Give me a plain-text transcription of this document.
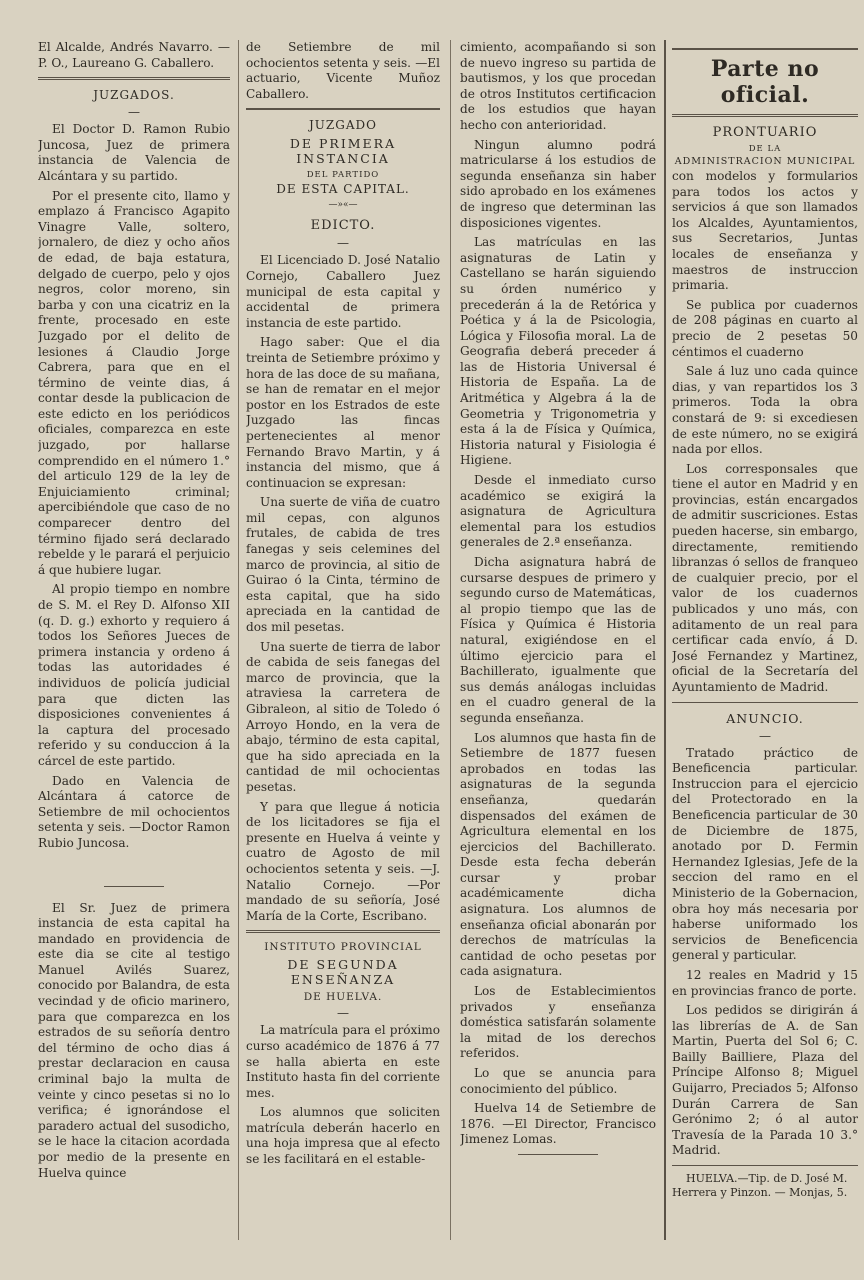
El Alcalde, Andrés Navarro. —P. O., Laureano G. Caballero.

JUZGADOS.
—

El Doctor D. Ramon Rubio Juncosa, Juez de primera instancia de Valencia de Alcántara y su partido.

Por el presente cito, llamo y emplazo á Francisco Agapito Vinagre Valle, soltero, jornalero, de diez y ocho años de edad, de baja estatura, delgado de cuerpo, pelo y ojos negros, color moreno, sin barba y con una cicatriz en la frente, procesado en este Juzgado por el delito de lesiones á Claudio Jorge Cabrera, para que en el término de veinte dias, á contar desde la publicacion de este edicto en los periódicos oficiales, comparezca en este juzgado, por hallarse comprendido en el número 1.° del articulo 129 de la ley de Enjuiciamiento criminal; apercibiéndole que caso de no comparecer dentro del término fijado será declarado rebelde y le parará el perjuicio á que hubiere lugar.

Al propio tiempo en nombre de S. M. el Rey D. Alfonso XII (q. D. g.) exhorto y requiero á todos los Señores Jueces de primera instancia y ordeno á todas las autoridades é individuos de policía judicial para que dicten las disposiciones convenientes á la captura del procesado referido y su conduccion á la cárcel de este partido.

Dado en Valencia de Alcántara á catorce de Setiembre de mil ochocientos setenta y seis. —Doctor Ramon Rubio Juncosa.

El Sr. Juez de primera instancia de esta capital ha mandado en providencia de este dia se cite al testigo Manuel Avilés Suarez, conocido por Balandra, de esta vecindad y de oficio marinero, para que comparezca en los estrados de su señoría dentro del término de ocho dias á prestar declaracion en causa criminal bajo la multa de veinte y cinco pesetas si no lo verifica; é ignorándose el paradero actual del susodicho, se le hace la citacion acordada por medio de la presente en Huelva quince

de Setiembre de mil ochocientos setenta y seis. —El actuario, Vicente Muñoz Caballero.

JUZGADO
DE PRIMERA INSTANCIA
DEL PARTIDO
DE ESTA CAPITAL.
—»«—
EDICTO.
—

El Licenciado D. José Natalio Cornejo, Caballero Juez municipal de esta capital y accidental de primera instancia de este partido.

Hago saber: Que el dia treinta de Setiembre próximo y hora de las doce de su mañana, se han de rematar en el mejor postor en los Estrados de este Juzgado las fincas pertenecientes al menor Fernando Bravo Martin, y á instancia del mismo, que á continuacion se expresan:

Una suerte de viña de cuatro mil cepas, con algunos frutales, de cabida de tres fanegas y seis celemines del marco de provincia, al sitio de Guirao ó la Cinta, término de esta capital, que ha sido apreciada en la cantidad de dos mil pesetas.

Una suerte de tierra de labor de cabida de seis fanegas del marco de provincia, que la atraviesa la carretera de Gibraleon, al sitio de Toledo ó Arroyo Hondo, en la vera de abajo, término de esta capital, que ha sido apreciada en la cantidad de mil ochocientas pesetas.

Y para que llegue á noticia de los licitadores se fija el presente en Huelva á veinte y cuatro de Agosto de mil ochocientos setenta y seis. —J. Natalio Cornejo. —Por mandado de su señoría, José María de la Corte, Escribano.

INSTITUTO PROVINCIAL
DE SEGUNDA ENSEÑANZA
DE HUELVA.
—

La matrícula para el próximo curso académico de 1876 á 77 se halla abierta en este Instituto hasta fin del corriente mes.

Los alumnos que soliciten matrícula deberán hacerlo en una hoja impresa que al efecto se les facilitará en el estable-

cimiento, acompañando si son de nuevo ingreso su partida de bautismos, y los que procedan de otros Institutos certificacion de los estudios que hayan hecho con anterioridad.

Ningun alumno podrá matricularse á los estudios de segunda enseñanza sin haber sido aprobado en los exámenes de ingreso que determinan las disposiciones vigentes.

Las matrículas en las asignaturas de Latin y Castellano se harán siguiendo su órden numérico y precederán á la de Retórica y Poética y á la de Psicologia, Lógica y Filosofia moral. La de Geografia deberá preceder á las de Historia Universal é Historia de España. La de Aritmética y Algebra á la de Geometria y Trigonometria y esta á la de Física y Química, Historia natural y Fisiologia é Higiene.

Desde el inmediato curso académico se exigirá la asignatura de Agricultura elemental para los estudios generales de 2.ª enseñanza.

Dicha asignatura habrá de cursarse despues de primero y segundo curso de Matemáticas, al propio tiempo que las de Física y Química é Historia natural, exigiéndose en el último ejercicio para el Bachillerato, igualmente que sus demás análogas incluidas en el cuadro general de la segunda enseñanza.

Los alumnos que hasta fin de Setiembre de 1877 fuesen aprobados en todas las asignaturas de la segunda enseñanza, quedarán dispensados del exámen de Agricultura elemental en los ejercicios del Bachillerato. Desde esta fecha deberán cursar y probar académicamente dicha asignatura. Los alumnos de enseñanza oficial abonarán por derechos de matrículas la cantidad de ocho pesetas por cada asignatura.

Los de Establecimientos privados y enseñanza doméstica satisfarán solamente la mitad de los derechos referidos.

Lo que se anuncia para conocimiento del público.

Huelva 14 de Setiembre de 1876. —El Director, Francisco Jimenez Lomas.

Parte no oficial.
PRONTUARIO
DE LA
ADMINISTRACION MUNICIPAL

con modelos y formularios para todos los actos y servicios á que son llamados los Alcaldes, Ayuntamientos, sus Secretarios, Juntas locales de enseñanza y maestros de instruccion primaria.

Se publica por cuadernos de 208 páginas en cuarto al precio de 2 pesetas 50 céntimos el cuaderno

Sale á luz uno cada quince dias, y van repartidos los 3 primeros. Toda la obra constará de 9: si excediesen de este número, no se exigirá nada por ellos.

Los corresponsales que tiene el autor en Madrid y en provincias, están encargados de admitir suscriciones. Estas pueden hacerse, sin embargo, directamente, remitiendo libranzas ó sellos de franqueo de cualquier precio, por el valor de los cuadernos publicados y uno más, con aditamento de un real para certificar cada envío, á D. José Fernandez y Martinez, oficial de la Secretaría del Ayuntamiento de Madrid.

ANUNCIO.
—

Tratado práctico de Beneficencia particular. Instruccion para el ejercicio del Protectorado en la Beneficencia particular de 30 de Diciembre de 1875, anotado por D. Fermin Hernandez Iglesias, Jefe de la seccion del ramo en el Ministerio de la Gobernacion, obra hoy más necesaria por haberse uniformado los servicios de Beneficencia general y particular.

12 reales en Madrid y 15 en provincias franco de porte.

Los pedidos se dirigirán á las librerías de A. de San Martin, Puerta del Sol 6; C. Bailly Bailliere, Plaza del Príncipe Alfonso 8; Miguel Guijarro, Preciados 5; Alfonso Durán Carrera de San Gerónimo 2; ó al autor Travesía de la Parada 10 3.° Madrid.

HUELVA.—Tip. de D. José M. Herrera y Pinzon. — Monjas, 5.
